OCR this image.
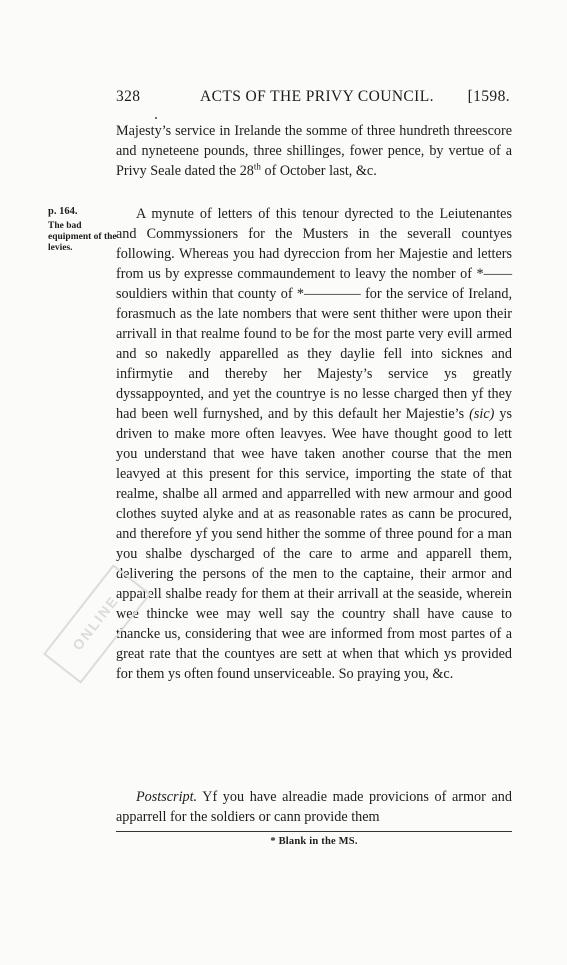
328	ACTS OF THE PRIVY COUNCIL. [1598.

Majesty’s service in Irelande the somme of three hundreth threescore and nyneteene pounds, three shillinges, fower pence, by vertue of a Privy Seale dated the 28th of October last, &c.

p. 164.
The bad equipment of the levies.

A mynute of letters of this tenour dyrected to the Leiutenantes and Commyssioners for the Musters in the severall countyes following. Whereas you had dyreccion from her Majestie and letters from us by expresse commaundement to leavy the nomber of *—— souldiers within that county of *———— for the service of Ireland, forasmuch as the late nombers that were sent thither were upon their arrivall in that realme found to be for the most parte very evill armed and so nakedly apparelled as they daylie fell into sicknes and infirmytie and thereby her Majesty’s service ys greatly dyssappoynted, and yet the countrye is no lesse charged then yf they had been well furnyshed, and by this default her Majestie’s (sic) ys driven to make more often leavyes. Wee have thought good to lett you understand that wee have taken another course that the men leavyed at this present for this service, importing the state of that realme, shalbe all armed and apparrelled with new armour and good clothes suyted alyke and at as reasonable rates as cann be procured, and therefore yf you send hither the somme of three pound for a man you shalbe dyscharged of the care to arme and apparell them, delivering the persons of the men to the captaine, their armor and apparell shalbe ready for them at their arrivall at the seaside, wherein wee thincke wee may well say the country shall have cause to thancke us, considering that wee are informed from most partes of a great rate that the countyes are sett at when that which ys provided for them ys often found unserviceable. So praying you, &c.

Postscript. Yf you have alreadie made provicions of armor and apparrell for the soldiers or cann provide them

* Blank in the MS.
ONLINE
